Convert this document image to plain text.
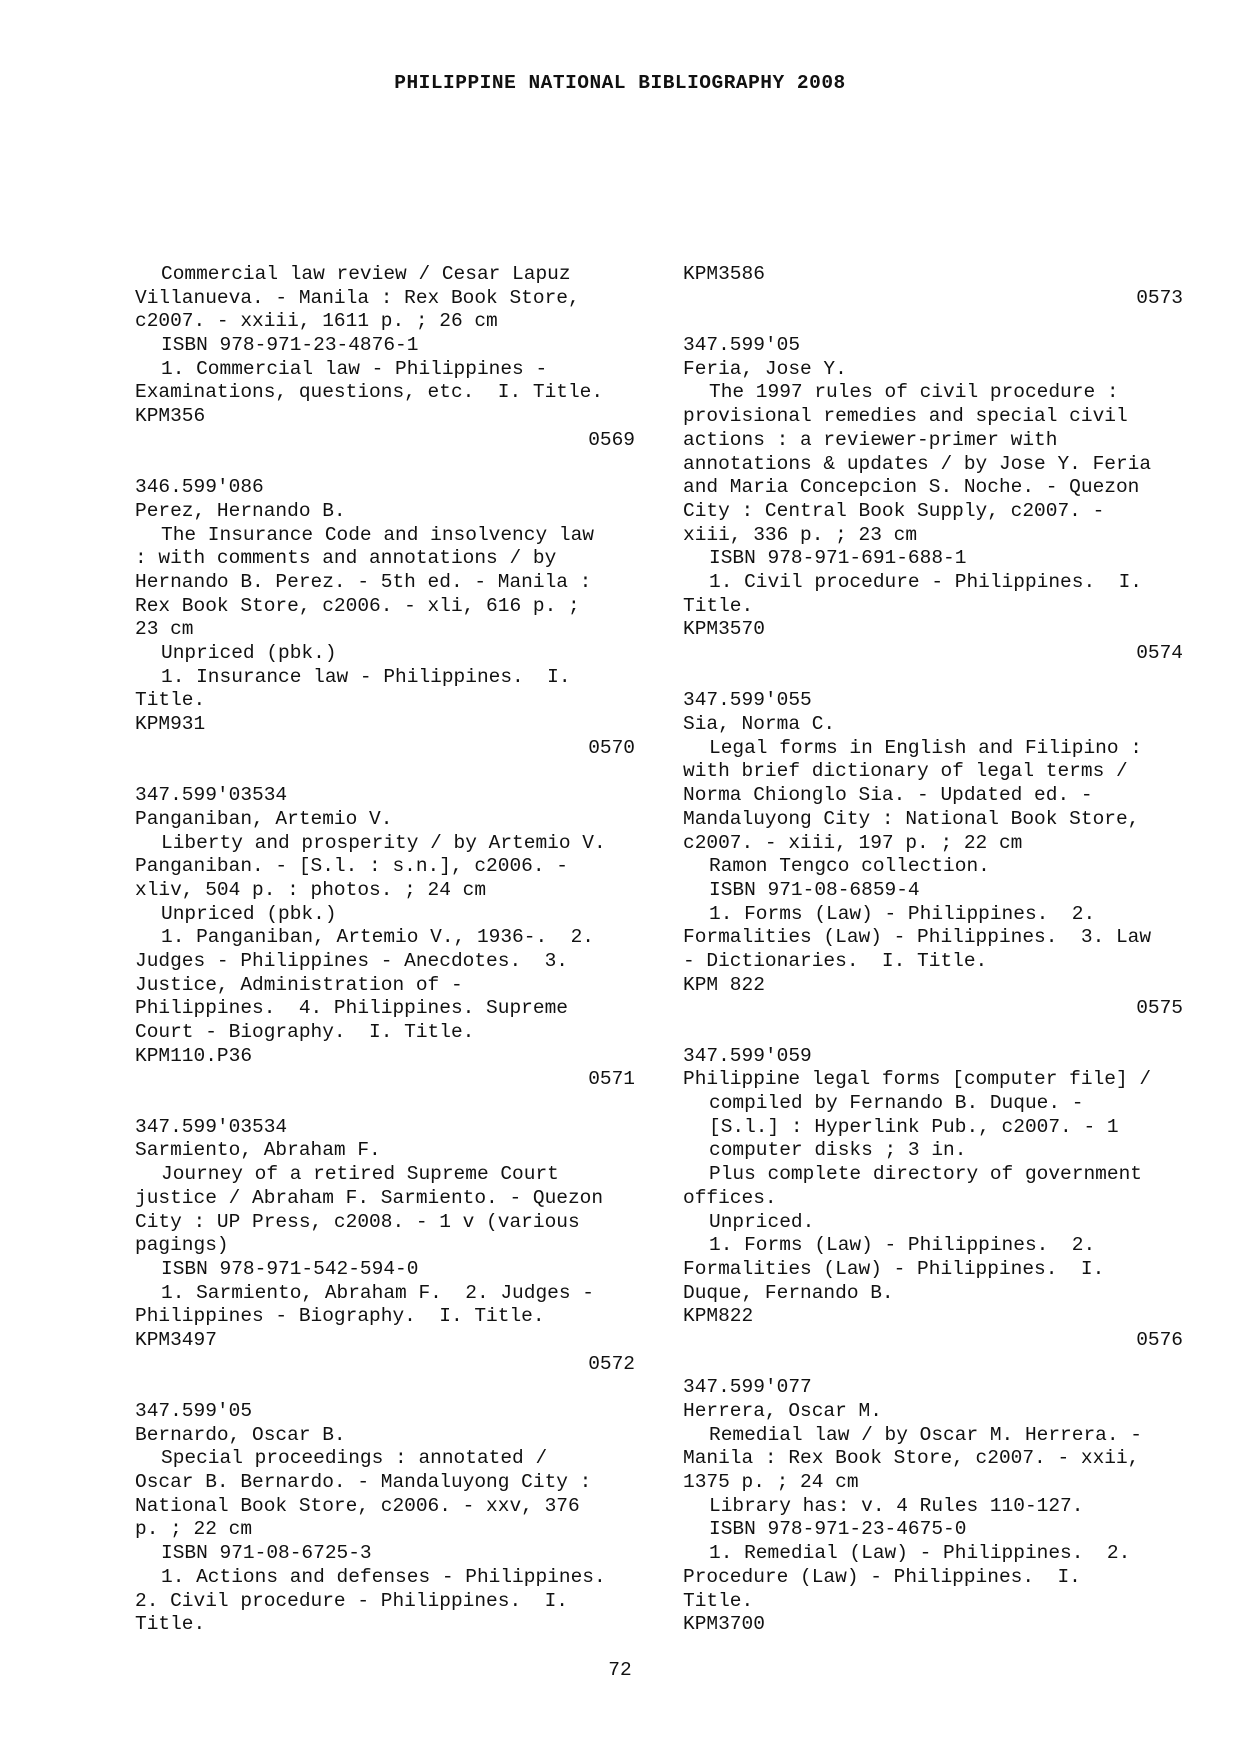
PHILIPPINE NATIONAL BIBLIOGRAPHY 2008
Commercial law review / Cesar Lapuz
Villanueva. - Manila : Rex Book Store,
c2007. - xxiii, 1611 p. ; 26 cm
ISBN 978-971-23-4876-1
1. Commercial law - Philippines -
Examinations, questions, etc.  I. Title.
KPM356
0569
346.599'086
Perez, Hernando B.
The Insurance Code and insolvency law
: with comments and annotations / by
Hernando B. Perez. - 5th ed. - Manila :
Rex Book Store, c2006. - xli, 616 p. ;
23 cm
Unpriced (pbk.)
1. Insurance law - Philippines.  I.
Title.
KPM931
0570
347.599'03534
Panganiban, Artemio V.
Liberty and prosperity / by Artemio V.
Panganiban. - [S.l. : s.n.], c2006. -
xliv, 504 p. : photos. ; 24 cm
Unpriced (pbk.)
1. Panganiban, Artemio V., 1936-.  2.
Judges - Philippines - Anecdotes.  3.
Justice, Administration of -
Philippines.  4. Philippines. Supreme
Court - Biography.  I. Title.
KPM110.P36
0571
347.599'03534
Sarmiento, Abraham F.
Journey of a retired Supreme Court
justice / Abraham F. Sarmiento. - Quezon
City : UP Press, c2008. - 1 v (various
pagings)
ISBN 978-971-542-594-0
1. Sarmiento, Abraham F.  2. Judges -
Philippines - Biography.  I. Title.
KPM3497
0572
347.599'05
Bernardo, Oscar B.
Special proceedings : annotated /
Oscar B. Bernardo. - Mandaluyong City :
National Book Store, c2006. - xxv, 376
p. ; 22 cm
ISBN 971-08-6725-3
1. Actions and defenses - Philippines.
2. Civil procedure - Philippines.  I.
Title.
KPM3586
0573
347.599'05
Feria, Jose Y.
The 1997 rules of civil procedure :
provisional remedies and special civil
actions : a reviewer-primer with
annotations & updates / by Jose Y. Feria
and Maria Concepcion S. Noche. - Quezon
City : Central Book Supply, c2007. -
xiii, 336 p. ; 23 cm
ISBN 978-971-691-688-1
1. Civil procedure - Philippines.  I.
Title.
KPM3570
0574
347.599'055
Sia, Norma C.
Legal forms in English and Filipino :
with brief dictionary of legal terms /
Norma Chionglo Sia. - Updated ed. -
Mandaluyong City : National Book Store,
c2007. - xiii, 197 p. ; 22 cm
Ramon Tengco collection.
ISBN 971-08-6859-4
1. Forms (Law) - Philippines.  2.
Formalities (Law) - Philippines.  3. Law
- Dictionaries.  I. Title.
KPM 822
0575
347.599'059
Philippine legal forms [computer file] /
compiled by Fernando B. Duque. -
[S.l.] : Hyperlink Pub., c2007. - 1
computer disks ; 3 in.
Plus complete directory of government
offices.
Unpriced.
1. Forms (Law) - Philippines.  2.
Formalities (Law) - Philippines.  I.
Duque, Fernando B.
KPM822
0576
347.599'077
Herrera, Oscar M.
Remedial law / by Oscar M. Herrera. -
Manila : Rex Book Store, c2007. - xxii,
1375 p. ; 24 cm
Library has: v. 4 Rules 110-127.
ISBN 978-971-23-4675-0
1. Remedial (Law) - Philippines.  2.
Procedure (Law) - Philippines.  I.
Title.
KPM3700
72
